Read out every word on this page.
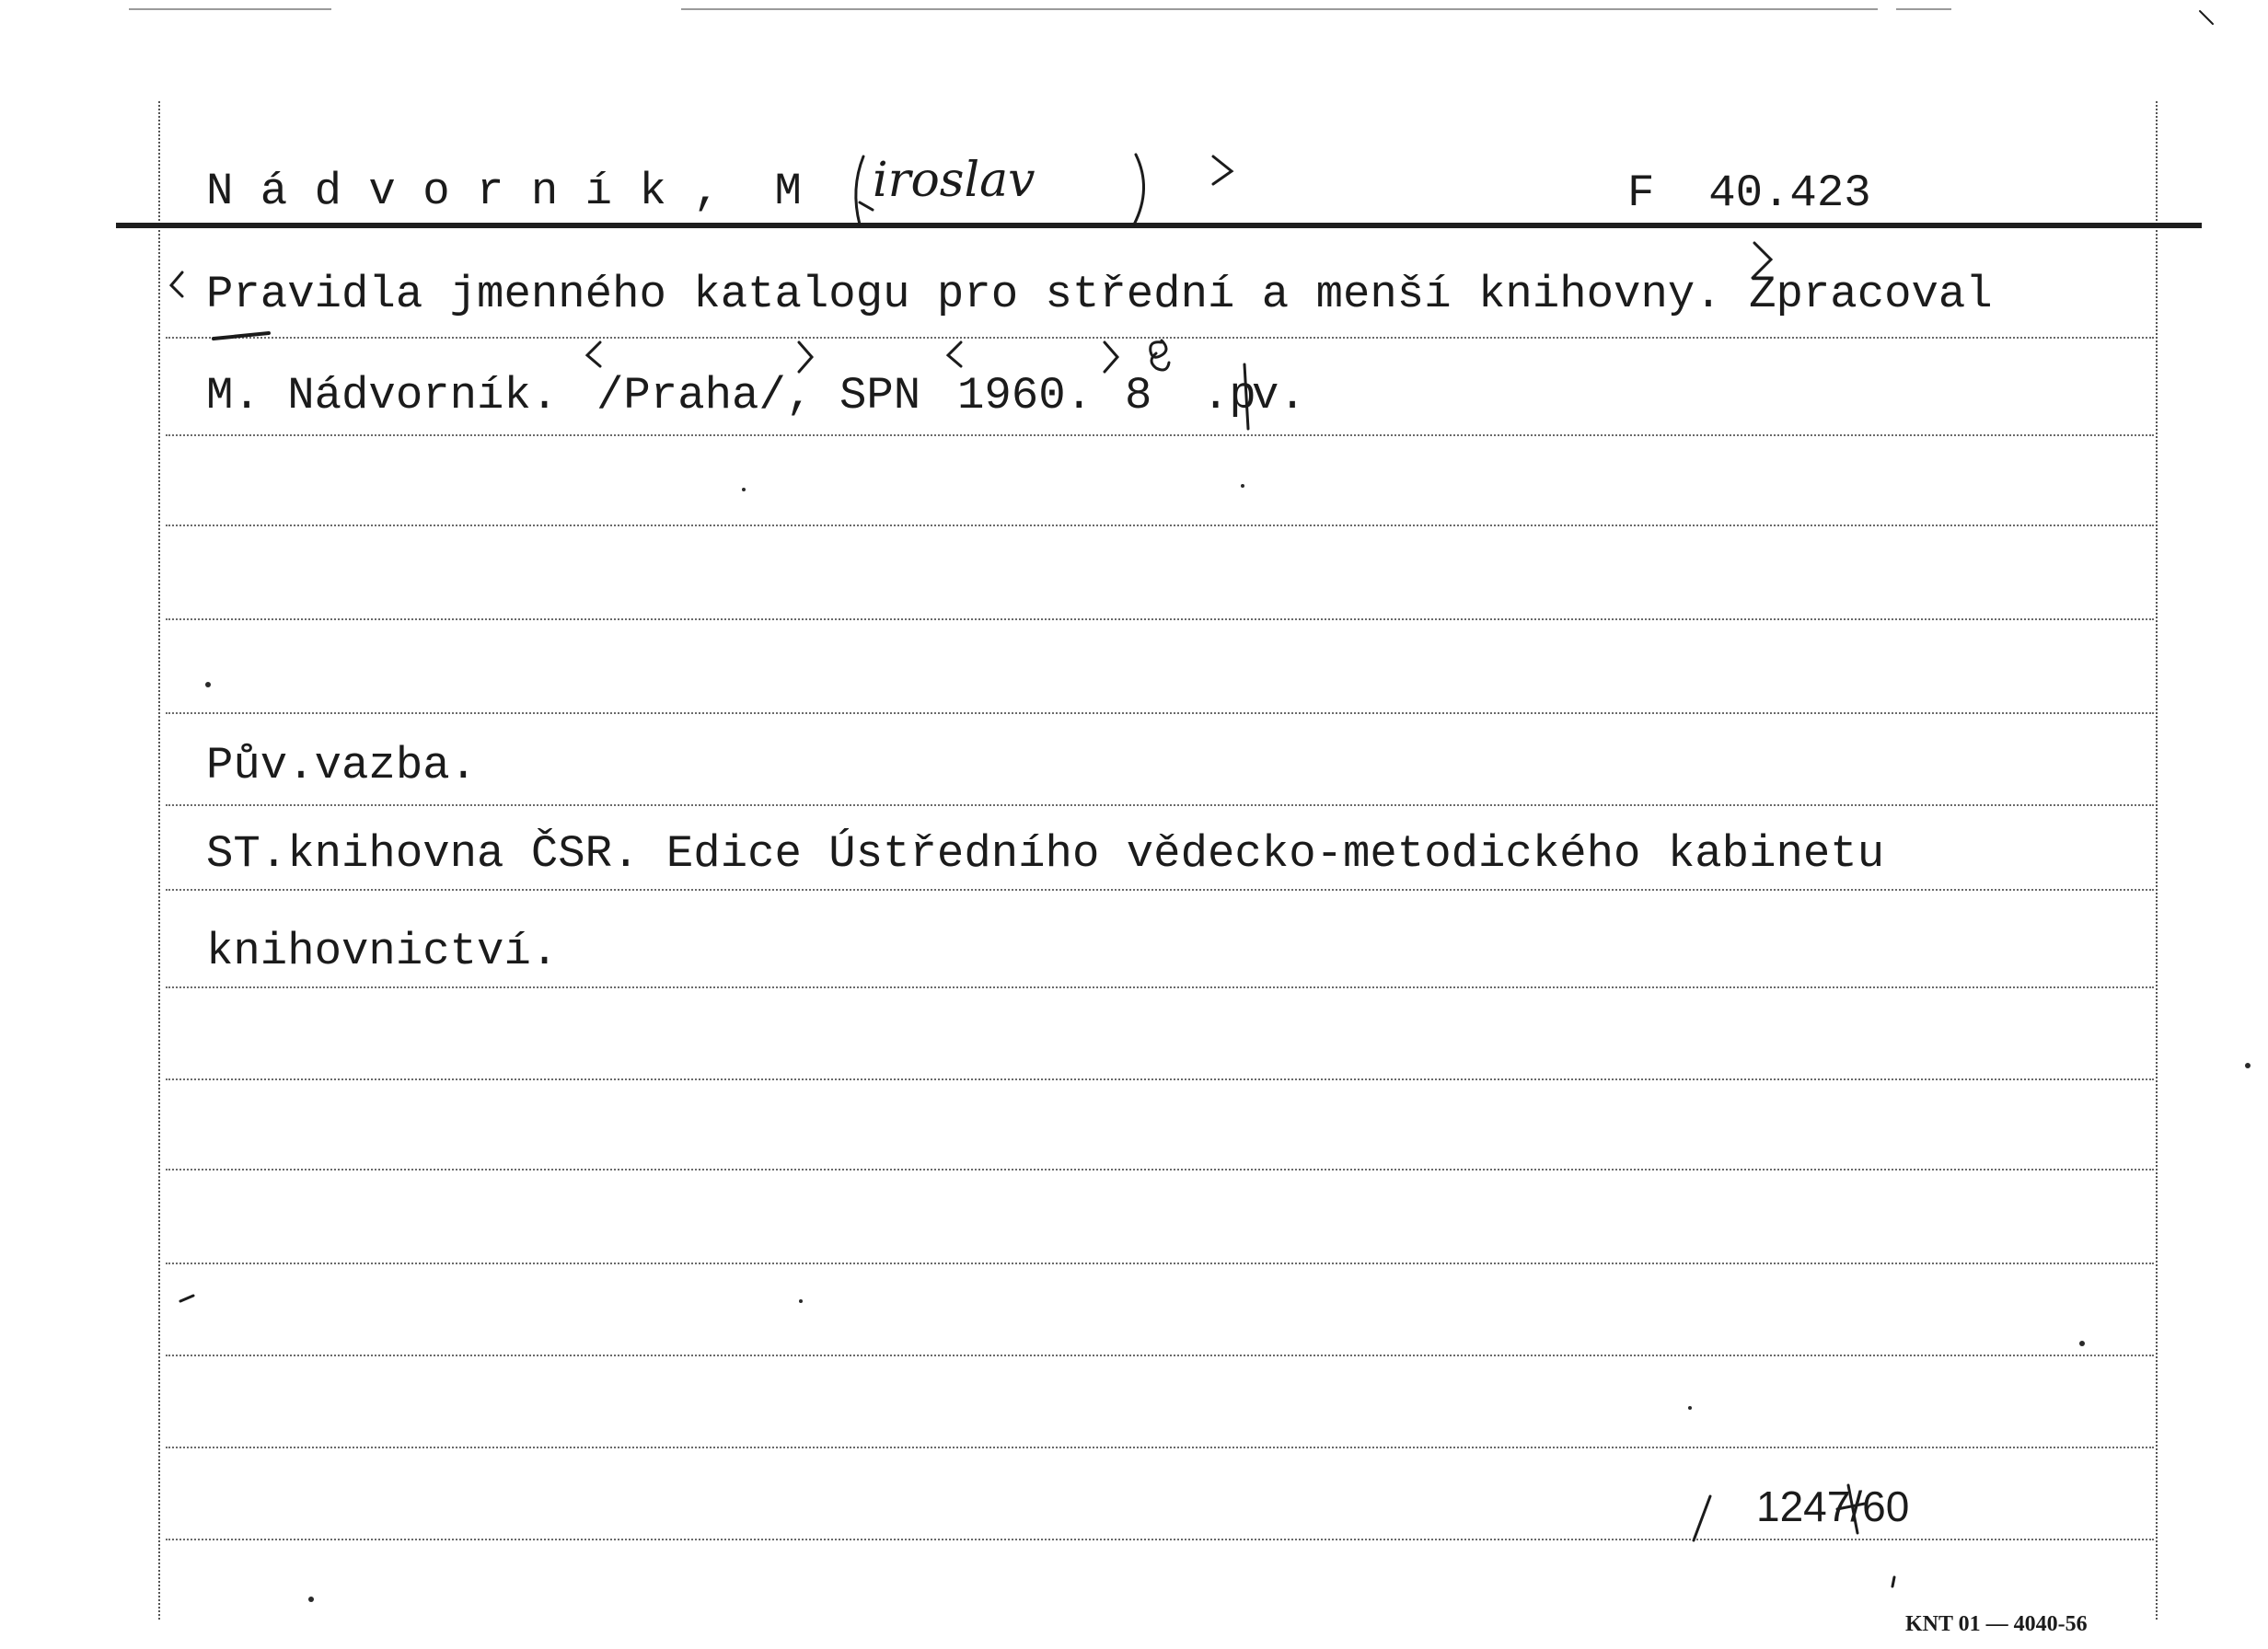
N á d v o r n í k ,  M iroslav	F  40.423
Pravidla jmenného katalogu pro střední a menší knihovny. Zpracoval
M. Nádvorník. /Praha/, SPN 1960. 8 .p
v.
Pův.vazba.
ST.knihovna ČSR. Edice Ústředního vědecko-metodického kabinetu
knihovnictví.
1247/60
KNT 01 — 4040-56
